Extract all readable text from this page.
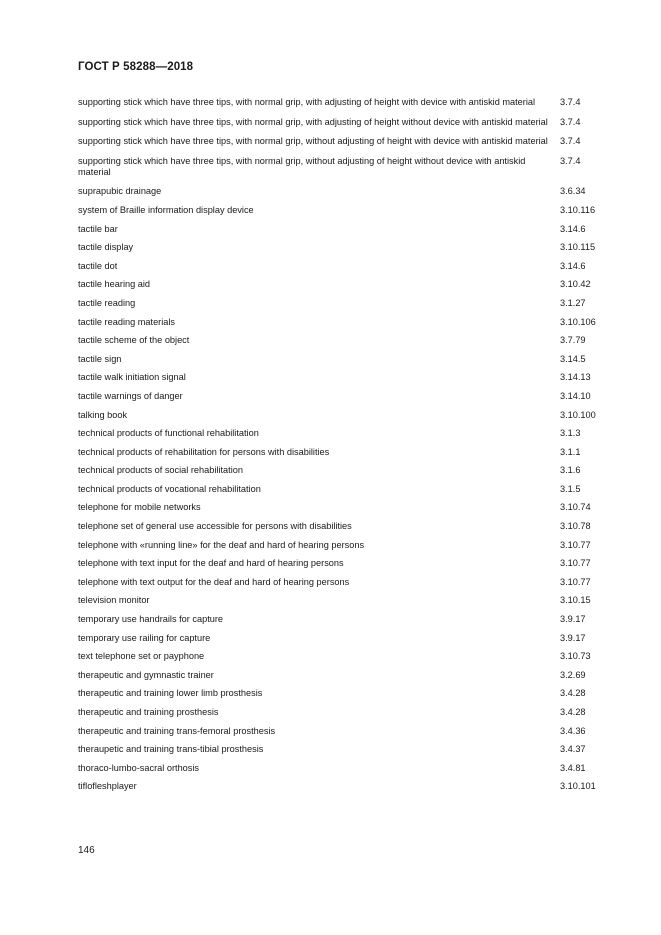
ГОСТ Р 58288—2018
supporting stick which have three tips, with normal grip, with adjusting of height with device with antiskid material	3.7.4
supporting stick which have three tips, with normal grip, with adjusting of height without device with antiskid material 3.7.4
supporting stick which have three tips, with normal grip, without adjusting of height with device with antiskid material 3.7.4
supporting stick which have three tips, with normal grip, without adjusting of height without device with antiskid material
3.7.4
suprapubic drainage	3.6.34
system of Braille information display device	3.10.116
tactile bar	3.14.6
tactile display	3.10.115
tactile dot	3.14.6
tactile hearing aid	3.10.42
tactile reading	3.1.27
tactile reading materials	3.10.106
tactile scheme of the object	3.7.79
tactile sign	3.14.5
tactile walk initiation signal	3.14.13
tactile warnings of danger	3.14.10
talking book	3.10.100
technical products of functional rehabilitation	3.1.3
technical products of rehabilitation for persons with disabilities	3.1.1
technical products of social rehabilitation	3.1.6
technical products of vocational rehabilitation	3.1.5
telephone for mobile networks	3.10.74
telephone set of general use accessible for persons with disabilities	3.10.78
telephone with «running line» for the deaf and hard of hearing persons	3.10.77
telephone with text input for the deaf and hard of hearing persons	3.10.77
telephone with text output for the deaf and hard of hearing persons	3.10.77
television monitor	3.10.15
temporary use handrails for capture	3.9.17
temporary use railing for capture	3.9.17
text telephone set or payphone	3.10.73
therapeutic and gymnastic trainer	3.2.69
therapeutic and training lower limb prosthesis	3.4.28
therapeutic and training prosthesis	3.4.28
therapeutic and training trans-femoral prosthesis	3.4.36
theraupetic and training trans-tibial prosthesis	3.4.37
thoraco-lumbo-sacral orthosis	3.4.81
tiflofleshplayer	3.10.101
146
